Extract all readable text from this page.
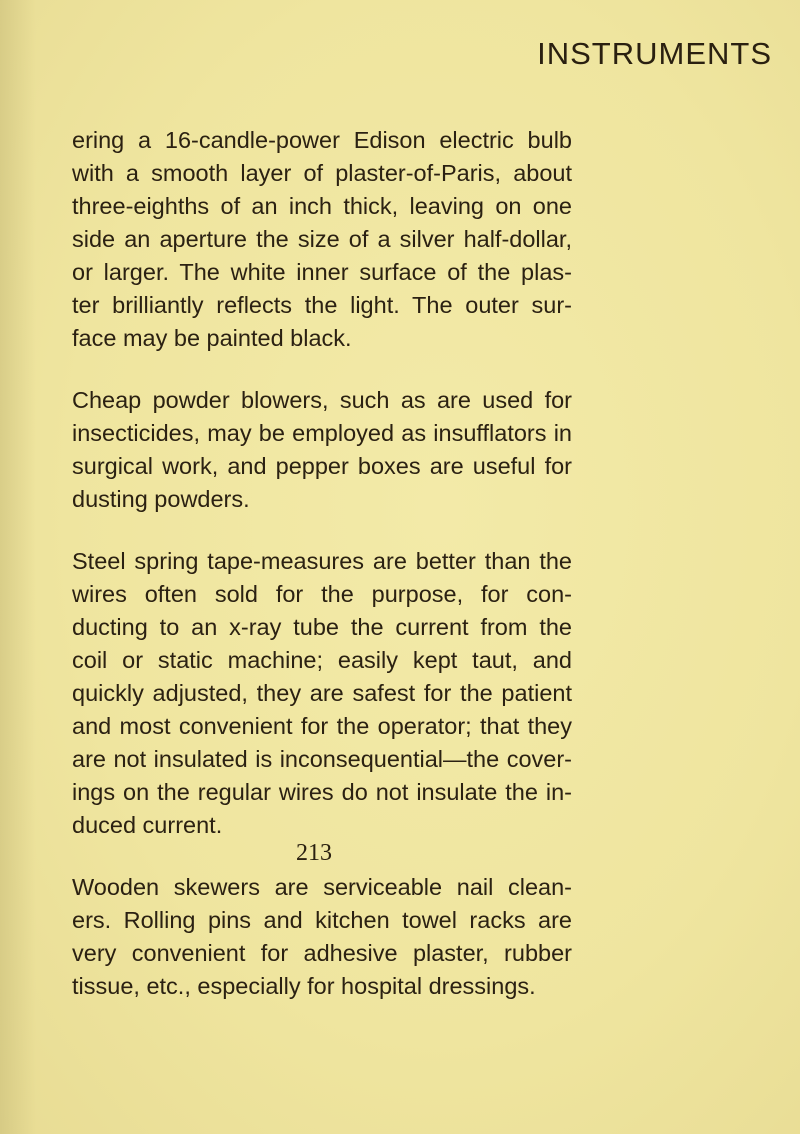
INSTRUMENTS

ering a 16-candle-power Edison electric bulb
with a smooth layer of plaster-of-Paris, about
three-eighths of an inch thick, leaving on one
side an aperture the size of a silver half-dollar,
or larger. The white inner surface of the plas-
ter brilliantly reflects the light. The outer sur-
face may be painted black.

Cheap powder blowers, such as are used for
insecticides, may be employed as insufflators in
surgical work, and pepper boxes are useful for
dusting powders.

Steel spring tape-measures are better than the
wires often sold for the purpose, for con-
ducting to an x-ray tube the current from the
coil or static machine; easily kept taut, and
quickly adjusted, they are safest for the patient
and most convenient for the operator; that they
are not insulated is inconsequential—the cover-
ings on the regular wires do not insulate the in-
duced current.

Wooden skewers are serviceable nail clean-
ers. Rolling pins and kitchen towel racks are
very convenient for adhesive plaster, rubber
tissue, etc., especially for hospital dressings.

213
